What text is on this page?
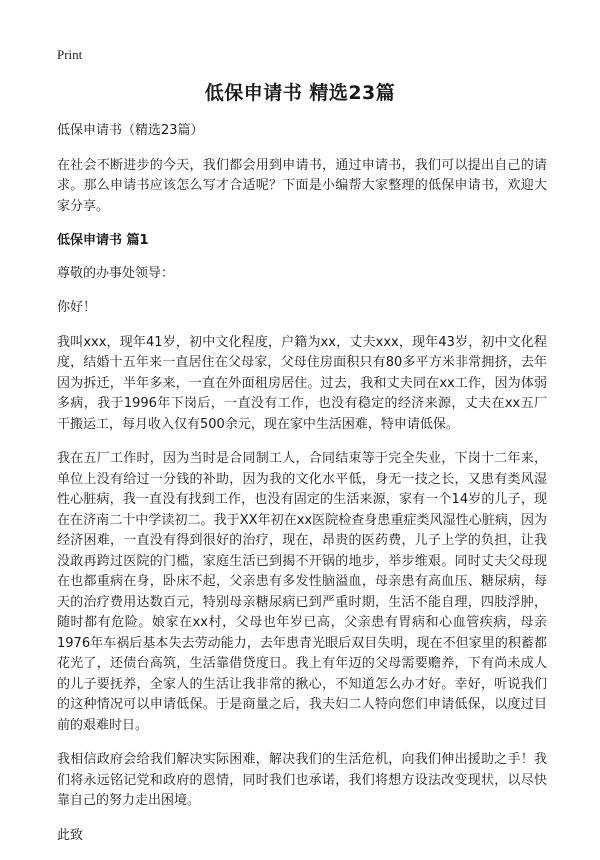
Print
低保申请书 精选23篇

低保申请书（精选23篇）

在社会不断进步的今天，我们都会用到申请书，通过申请书，我们可以提出自己的请求。那么申请书应该怎么写才合适呢？下面是小编帮大家整理的低保申请书，欢迎大家分享。

低保申请书 篇1

尊敬的办事处领导：

你好！

我叫xxx，现年41岁，初中文化程度，户籍为xx，丈夫xxx，现年43岁，初中文化程度，结婚十五年来一直居住在父母家，父母住房面积只有80多平方米非常拥挤，去年因为拆迁，半年多来，一直在外面租房居住。过去，我和丈夫同在xx工作，因为体弱多病，我于1996年下岗后，一直没有工作，也没有稳定的经济来源，丈夫在xx五厂干搬运工，每月收入仅有500余元，现在家中生活困难，特申请低保。

我在五厂工作时，因为当时是合同制工人，合同结束等于完全失业，下岗十二年来，单位上没有给过一分钱的补助，因为我的文化水平低，身无一技之长，又患有类风湿性心脏病，我一直没有找到工作，也没有固定的生活来源，家有一个14岁的儿子，现在在济南二十中学读初二。我于XX年初在xx医院检查身患重症类风湿性心脏病，因为经济困难，一直没有得到很好的治疗，现在，昂贵的医药费，儿子上学的负担，让我没敢再跨过医院的门槛，家庭生活已到揭不开锅的地步，举步维艰。同时丈夫父母现在也都重病在身，卧床不起，父亲患有多发性脑溢血，母亲患有高血压、糖尿病，每天的治疗费用达数百元，特别母亲糖尿病已到严重时期，生活不能自理，四肢浮肿，随时都有危险。娘家在xx村，父母也年岁已高，父亲患有胃病和心血管疾病，母亲1976年车祸后基本失去劳动能力，去年患青光眼后双目失明，现在不但家里的积蓄都花光了，还债台高筑，生活靠借贷度日。我上有年迈的父母需要赡养，下有尚未成人的儿子要抚养，全家人的生活让我非常的揪心，不知道怎么办才好。幸好，听说我们的这种情况可以申请低保。于是商量之后，我夫妇二人特向您们申请低保，以度过目前的艰难时日。

我相信政府会给我们解决实际困难，解决我们的生活危机，向我们伸出援助之手！我们将永远铭记党和政府的恩情，同时我们也承诺，我们将想方设法改变现状，以尽快靠自己的努力走出困境。

此致
